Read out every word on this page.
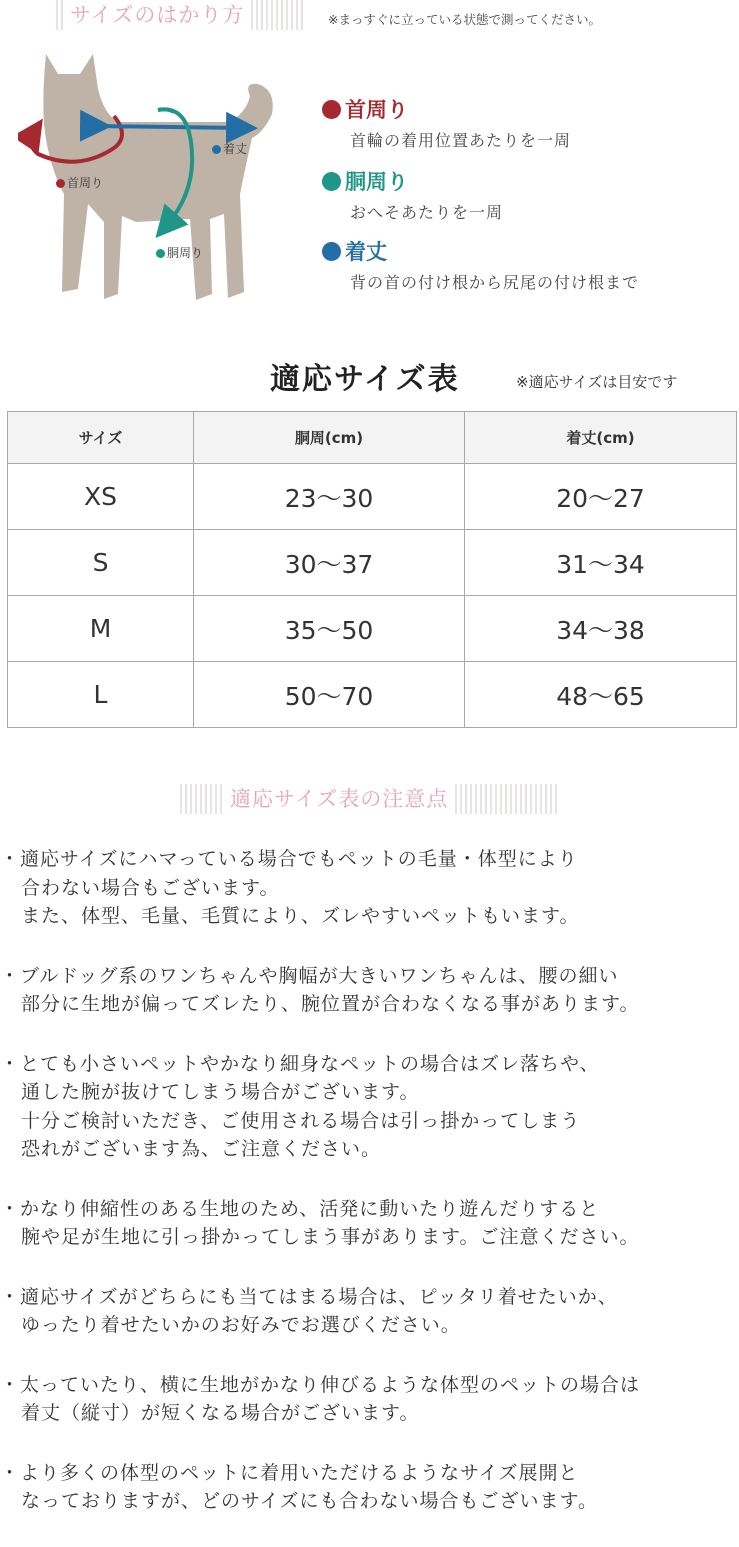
サイズのはかり方	※まっすぐに立っている状態で測ってください。
首周り
着丈
胴周り
首周り
首輪の着用位置あたりを一周
胴周り
おへそあたりを一周
着丈
背の首の付け根から尻尾の付け根まで
適応サイズ表	※適応サイズは目安です
サイズ	胴周(cm)	着丈(cm)
XS	23～30	20～27
S	30～37	31～34
M	35～50	34～38
L	50～70	48～65
適応サイズ表の注意点
・適応サイズにハマっている場合でもペットの毛量・体型により
合わない場合もございます。
また、体型、毛量、毛質により、ズレやすいペットもいます。
・ブルドッグ系のワンちゃんや胸幅が大きいワンちゃんは、腰の細い
部分に生地が偏ってズレたり、腕位置が合わなくなる事があります。
・とても小さいペットやかなり細身なペットの場合はズレ落ちや、
通した腕が抜けてしまう場合がございます。
十分ご検討いただき、ご使用される場合は引っ掛かってしまう
恐れがございます為、ご注意ください。
・かなり伸縮性のある生地のため、活発に動いたり遊んだりすると
腕や足が生地に引っ掛かってしまう事があります。ご注意ください。
・適応サイズがどちらにも当てはまる場合は、ピッタリ着せたいか、
ゆったり着せたいかのお好みでお選びください。
・太っていたり、横に生地がかなり伸びるような体型のペットの場合は
着丈（縦寸）が短くなる場合がございます。
・より多くの体型のペットに着用いただけるようなサイズ展開と
なっておりますが、どのサイズにも合わない場合もございます。
